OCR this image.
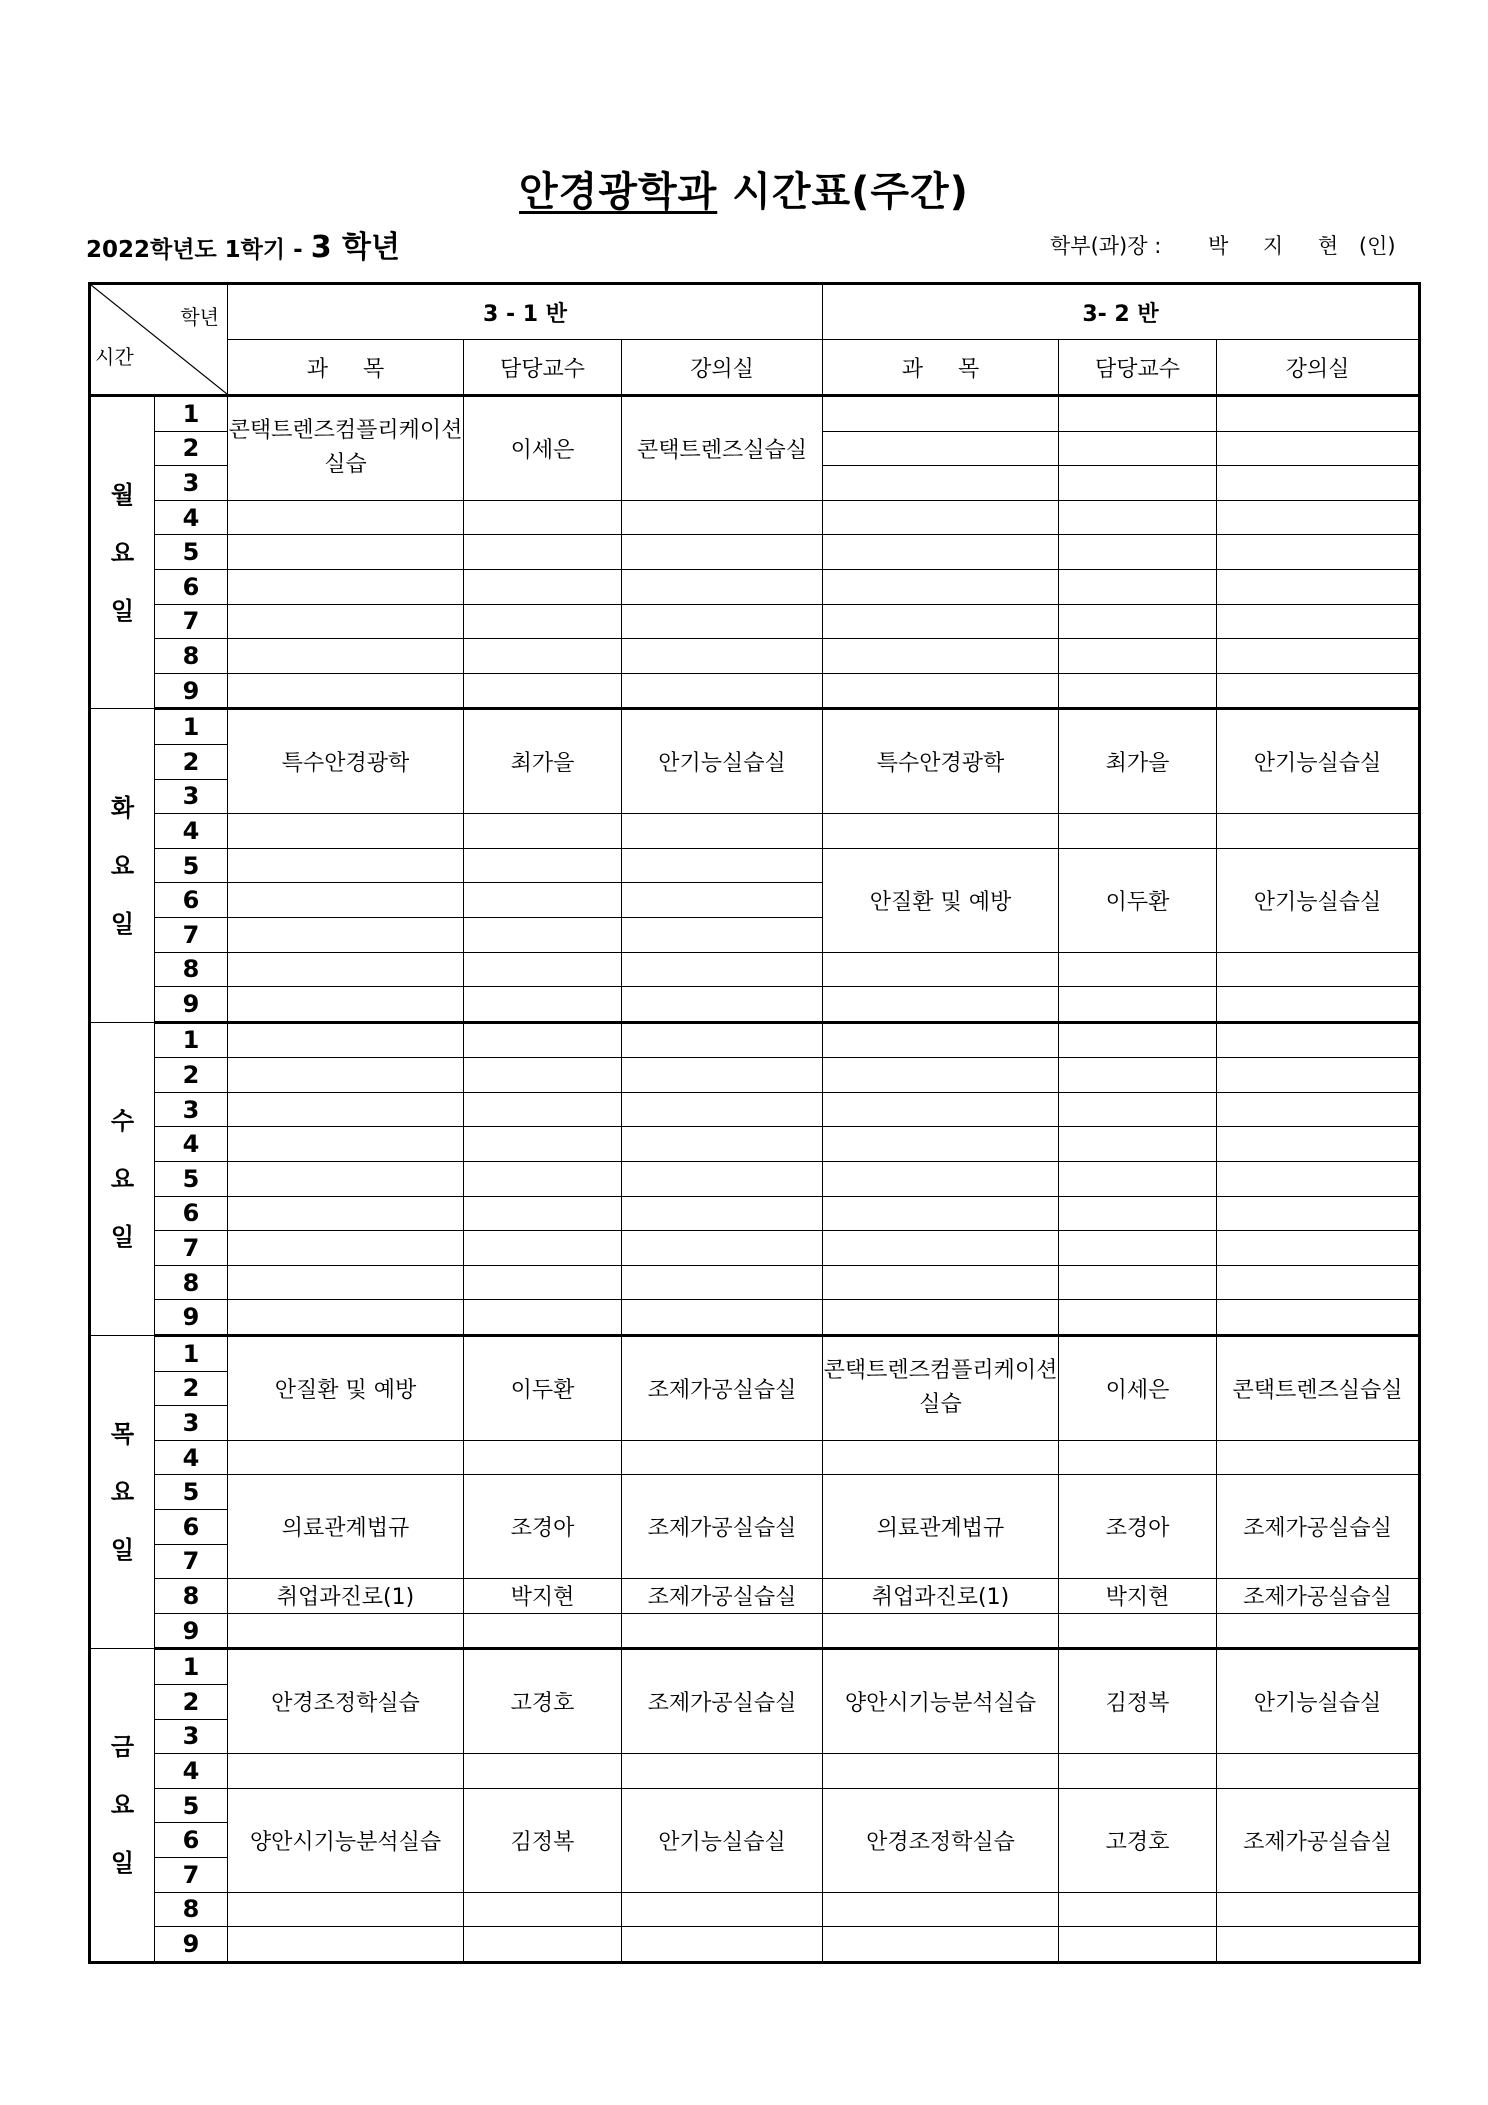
안경광학과 시간표(주간)
2022학년도 1학기 - 3 학년	학부(과)장 : 박 지 현 (인)
학년
시간		3 - 1 반			3- 2 반		
		과     목	담당교수	강의실	과     목	담당교수	강의실
월
요
일	1	콘택트렌즈컴플리케이션실습	이세은	콘택트렌즈실습실			
	2						
	3						
	4						
	5						
	6						
	7						
	8						
	9						
화
요
일	1	특수안경광학	최가을	안기능실습실	특수안경광학	최가을	안기능실습실
	2						
	3						
	4						
	5				안질환 및 예방	이두환	안기능실습실
	6						
	7						
	8						
	9						
수
요
일	1						
	2						
	3						
	4						
	5						
	6						
	7						
	8						
	9						
목
요
일	1	안질환 및 예방	이두환	조제가공실습실	콘택트렌즈컴플리케이션실습	이세은	콘택트렌즈실습실
	2						
	3						
	4						
	5	의료관계법규	조경아	조제가공실습실	의료관계법규	조경아	조제가공실습실
	6						
	7						
	8	취업과진로(1)	박지현	조제가공실습실	취업과진로(1)	박지현	조제가공실습실
	9						
금
요
일	1	안경조정학실습	고경호	조제가공실습실	양안시기능분석실습	김정복	안기능실습실
	2						
	3						
	4						
	5	양안시기능분석실습	김정복	안기능실습실	안경조정학실습	고경호	조제가공실습실
	6						
	7						
	8						
	9						
